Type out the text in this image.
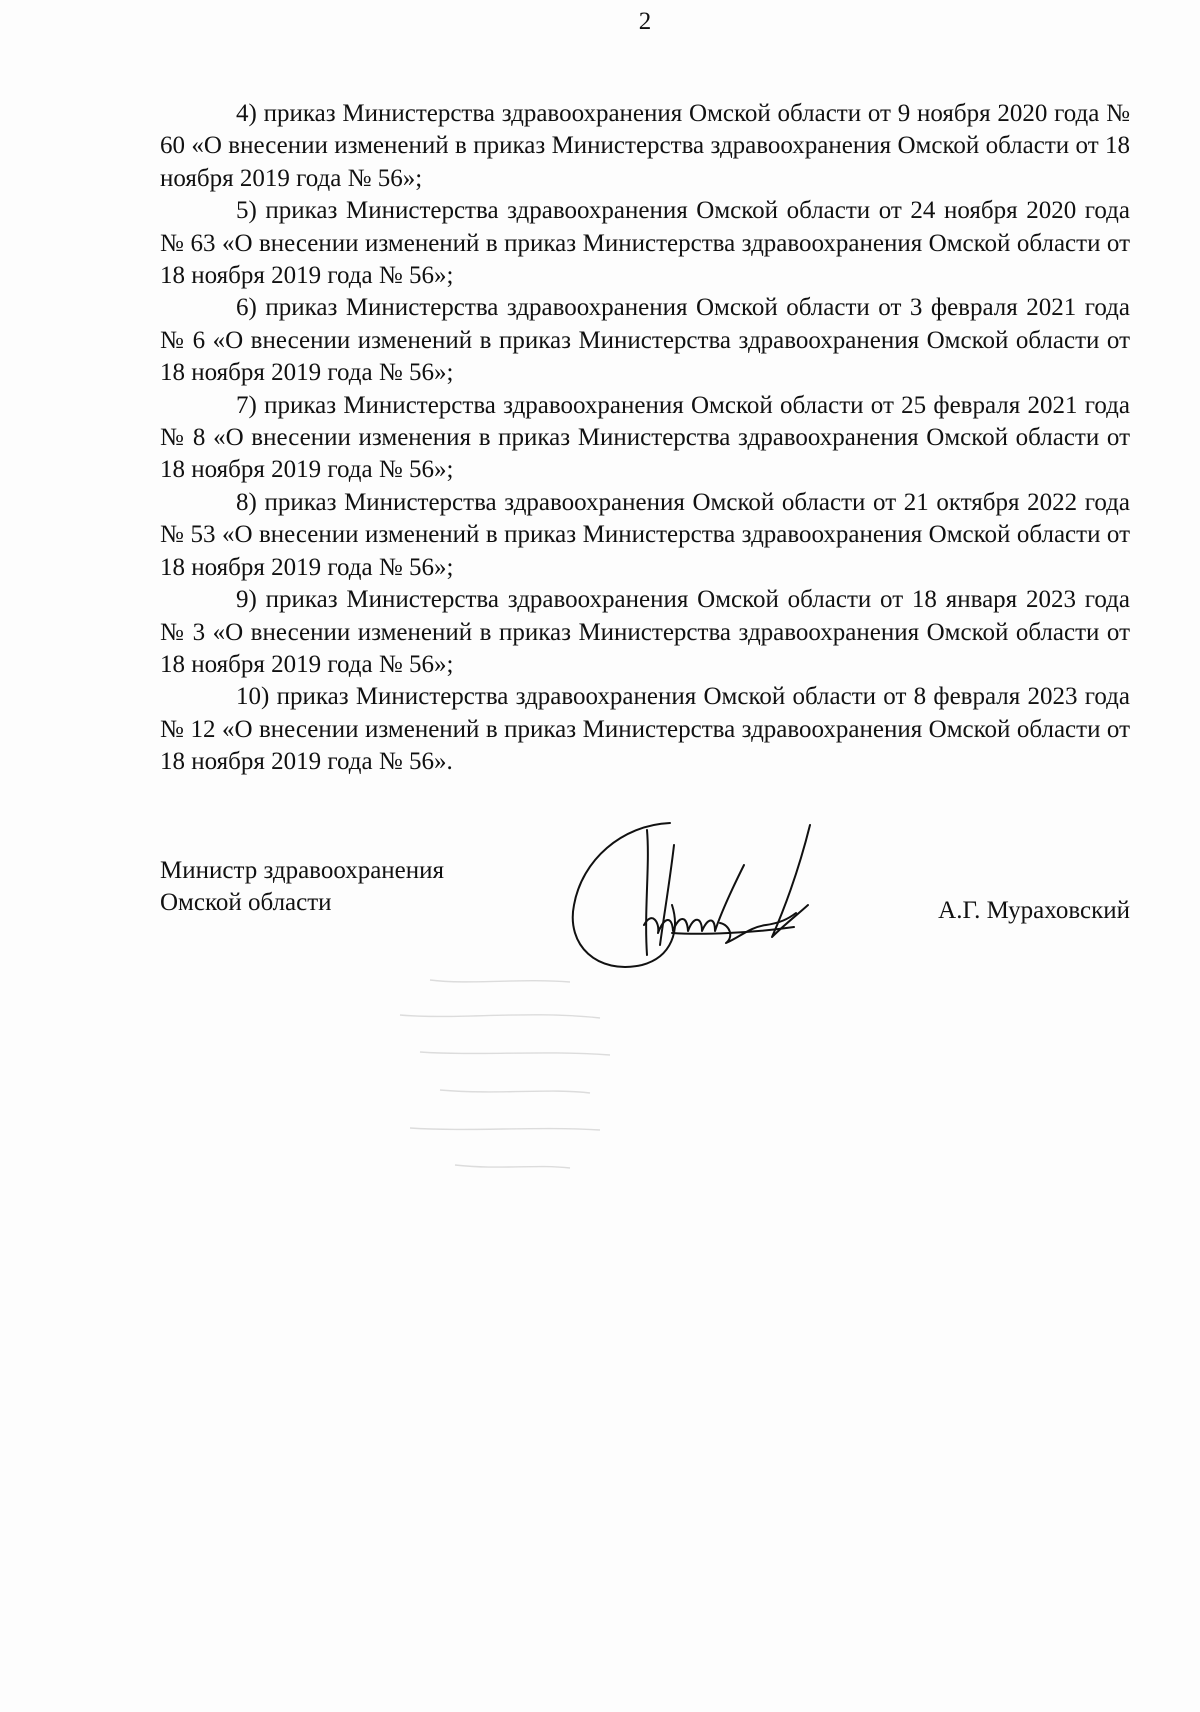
2

4) приказ Министерства здравоохранения Омской области от 9 ноября 2020 года № 60 «О внесении изменений в приказ Министерства здравоохранения Омской области от 18 ноября 2019 года № 56»;

5) приказ Министерства здравоохранения Омской области от 24 ноября 2020 года № 63 «О внесении изменений в приказ Министерства здравоохранения Омской области от 18 ноября 2019 года № 56»;

6) приказ Министерства здравоохранения Омской области от 3 февраля 2021 года № 6 «О внесении изменений в приказ Министерства здравоохранения Омской области от 18 ноября 2019 года № 56»;

7) приказ Министерства здравоохранения Омской области от 25 февраля 2021 года № 8 «О внесении изменения в приказ Министерства здравоохранения Омской области от 18 ноября 2019 года № 56»;

8) приказ Министерства здравоохранения Омской области от 21 октября 2022 года № 53 «О внесении изменений в приказ Министерства здравоохранения Омской области от 18 ноября 2019 года № 56»;

9) приказ Министерства здравоохранения Омской области от 18 января 2023 года № 3 «О внесении изменений в приказ Министерства здравоохранения Омской области от 18 ноября 2019 года № 56»;

10) приказ Министерства здравоохранения Омской области от 8 февраля 2023 года № 12 «О внесении изменений в приказ Министерства здравоохранения Омской области от 18 ноября 2019 года № 56».

Министр здравоохранения
Омской области	А.Г. Мураховский
